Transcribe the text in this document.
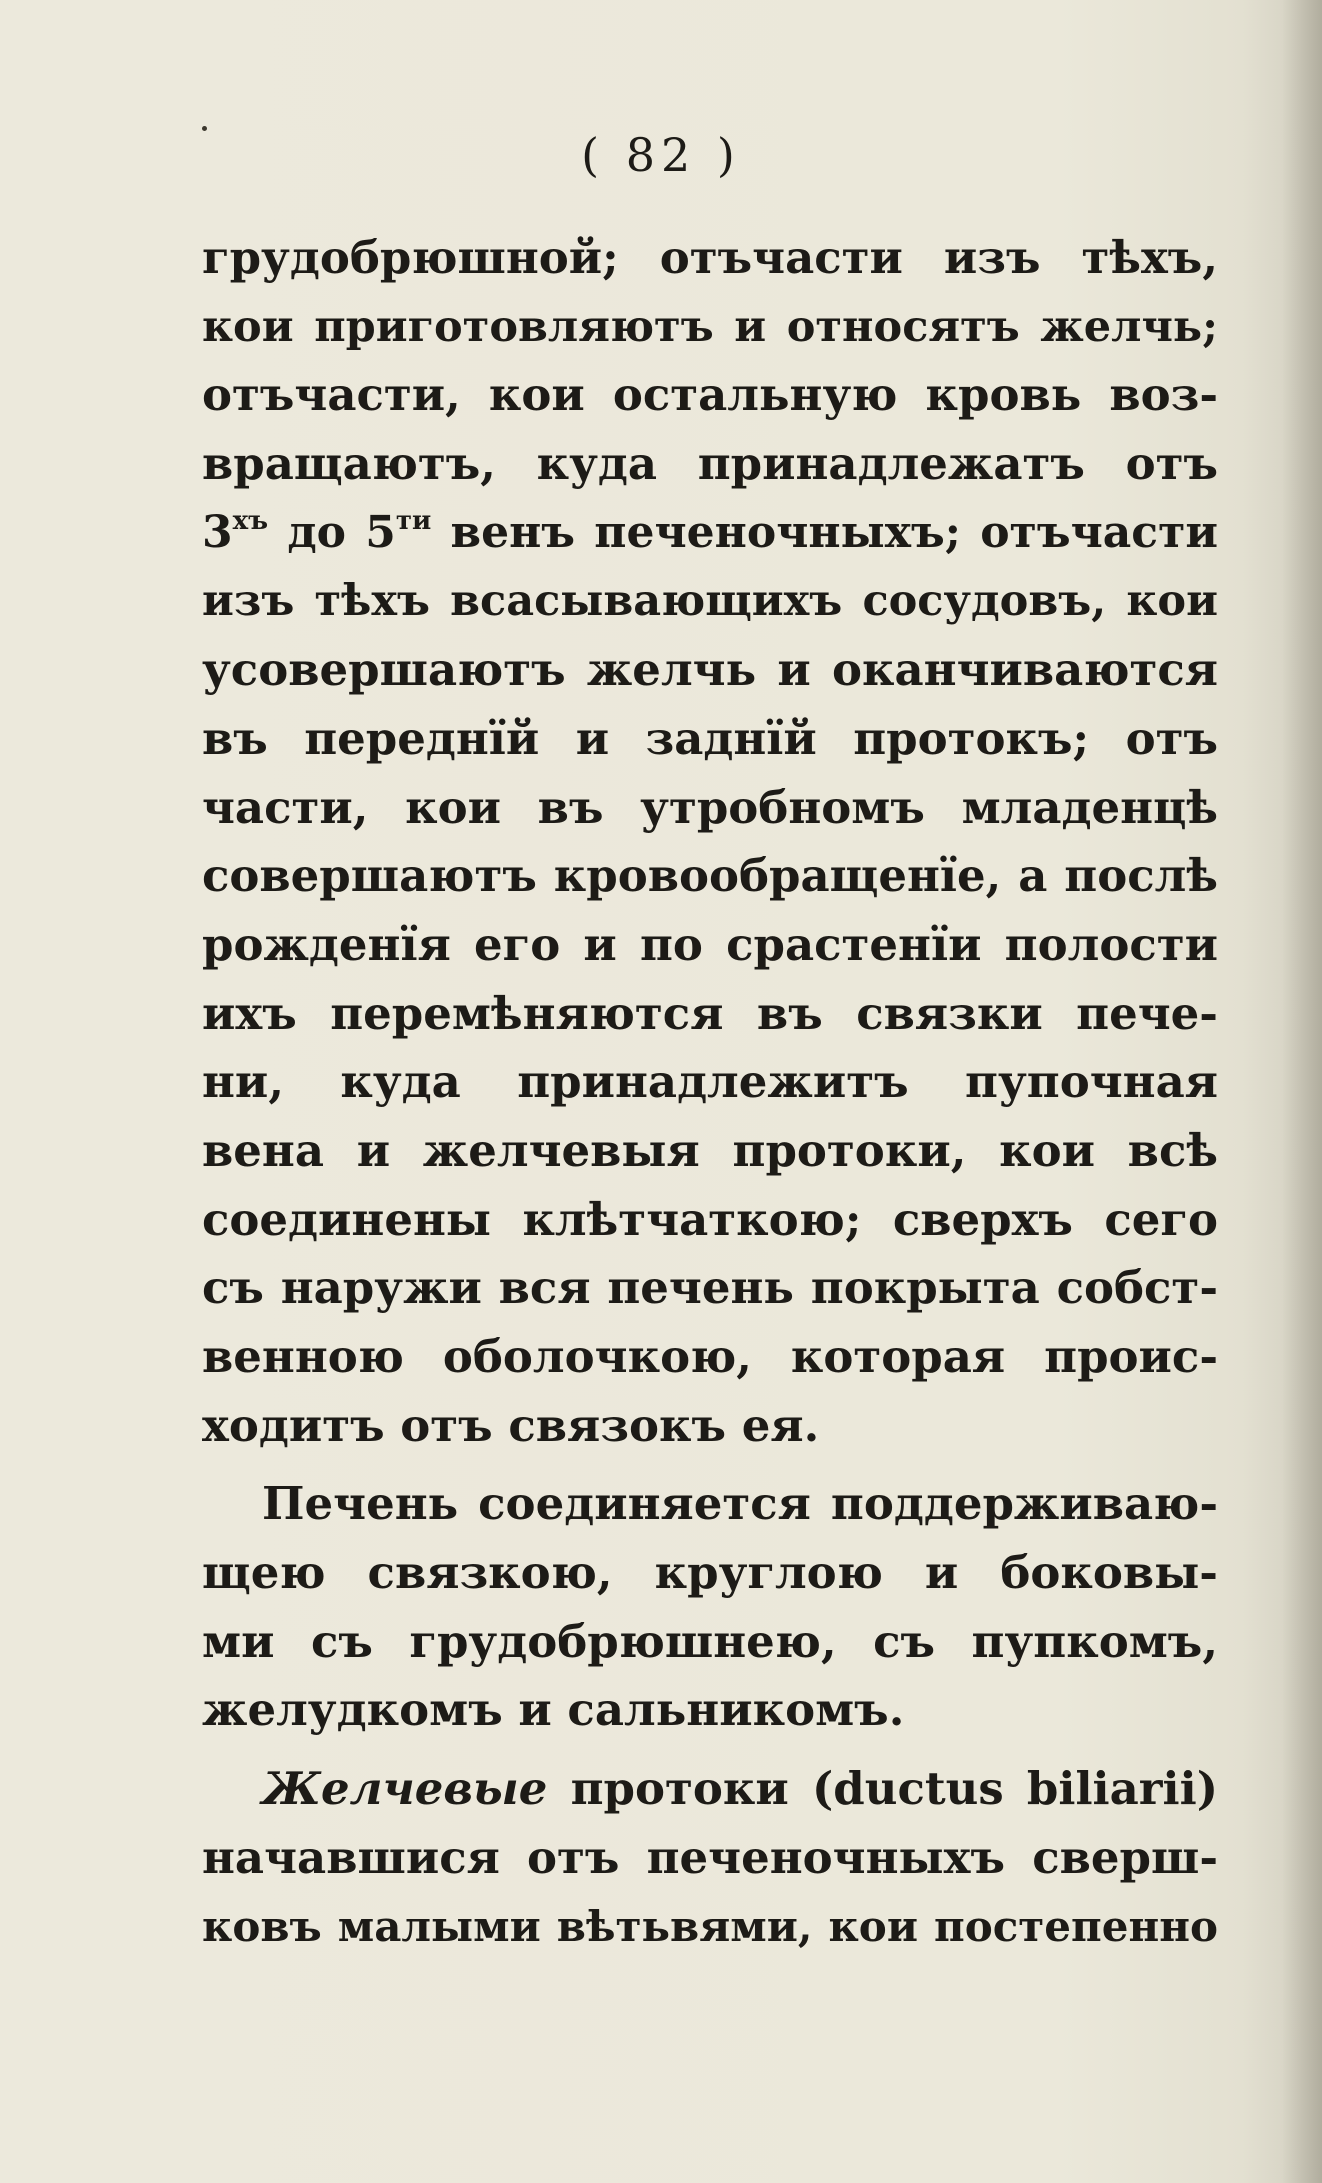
( 82 )
грудобрюшной; отъчасти изъ тѣхъ,
кои приготовляютъ и относятъ желчь;
отъчасти, кои остальную кровь воз-
вращаютъ, куда принадлежатъ отъ
$3^{хъ}$ до $5^{ти}$ венъ печеночныхъ; отъчасти
изъ тѣхъ всасывающихъ сосудовъ, кои
усовершаютъ желчь и оканчиваются
въ переднїй и заднїй протокъ; отъ
части, кои въ утробномъ младенцѣ
совершаютъ кровообращенїе, а послѣ
рожденїя его и по срастенїи полости
ихъ перемѣняются въ связки пече-
ни, куда принадлежитъ пупочная
вена и желчевыя протоки, кои всѣ
соединены клѣтчаткою; сверхъ сего
съ наружи вся печень покрыта собст-
венною оболочкою, которая проис-
ходитъ отъ связокъ ея.
Печень соединяется поддерживаю-
щею связкою, круглою и боковы-
ми съ грудобрюшнею, съ пупкомъ,
желудкомъ и сальникомъ.
Желчевые протоки (ductus biliarii)
начавшися отъ печеночныхъ сверш-
ковъ малыми вѣтьвями, кои постепенно
